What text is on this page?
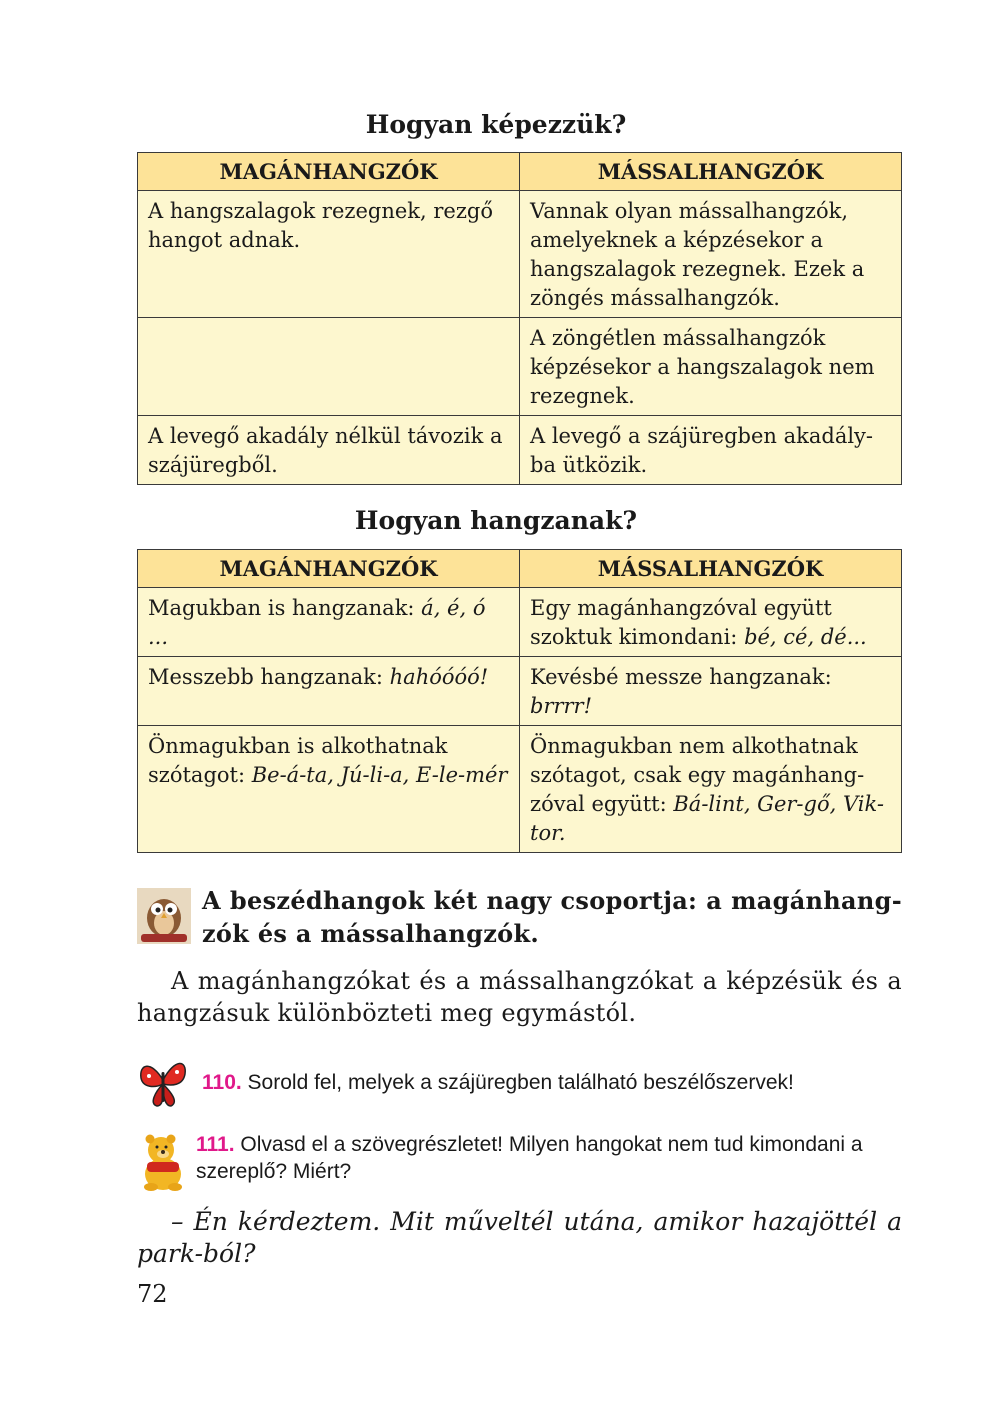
Hogyan képezzük?
MAGÁNHANGZÓK	MÁSSALHANGZÓK
A hangszalagok rezegnek, rezgő hangot adnak.	Vannak olyan mássalhangzók, amelyeknek a képzésekor a hangszalagok rezegnek. Ezek a zöngés mássalhangzók.
	A zöngétlen mássalhangzók képzésekor a hangszalagok nem rezegnek.
A levegő akadály nélkül távozik a szájüregből.	A levegő a szájüregben akadály-ba ütközik.
Hogyan hangzanak?
MAGÁNHANGZÓK	MÁSSALHANGZÓK
Magukban is hangzanak: á, é, ó ...	Egy magánhangzóval együtt szoktuk kimondani: bé, cé, dé...
Messzebb hangzanak: hahóóóó!	Kevésbé messze hangzanak: brrrr!
Önmagukban is alkothatnak szótagot: Be-á-ta, Jú-li-a, E-le-mér	Önmagukban nem alkothatnak szótagot, csak egy magánhang-zóval együtt: Bá-lint, Ger-gő, Vik-tor.
A beszédhangok két nagy csoportja: a magánhang-zók és a mássalhangzók.
A magánhangzókat és a mássalhangzókat a képzésük és a hangzásuk különbözteti meg egymástól.
110. Sorold fel, melyek a szájüregben található beszélőszervek!
111. Olvasd el a szövegrészletet! Milyen hangokat nem tud kimondani a szereplő? Miért?
– Én kérdeztem. Mit műveltél utána, amikor hazajöttél a park-ból?
72
